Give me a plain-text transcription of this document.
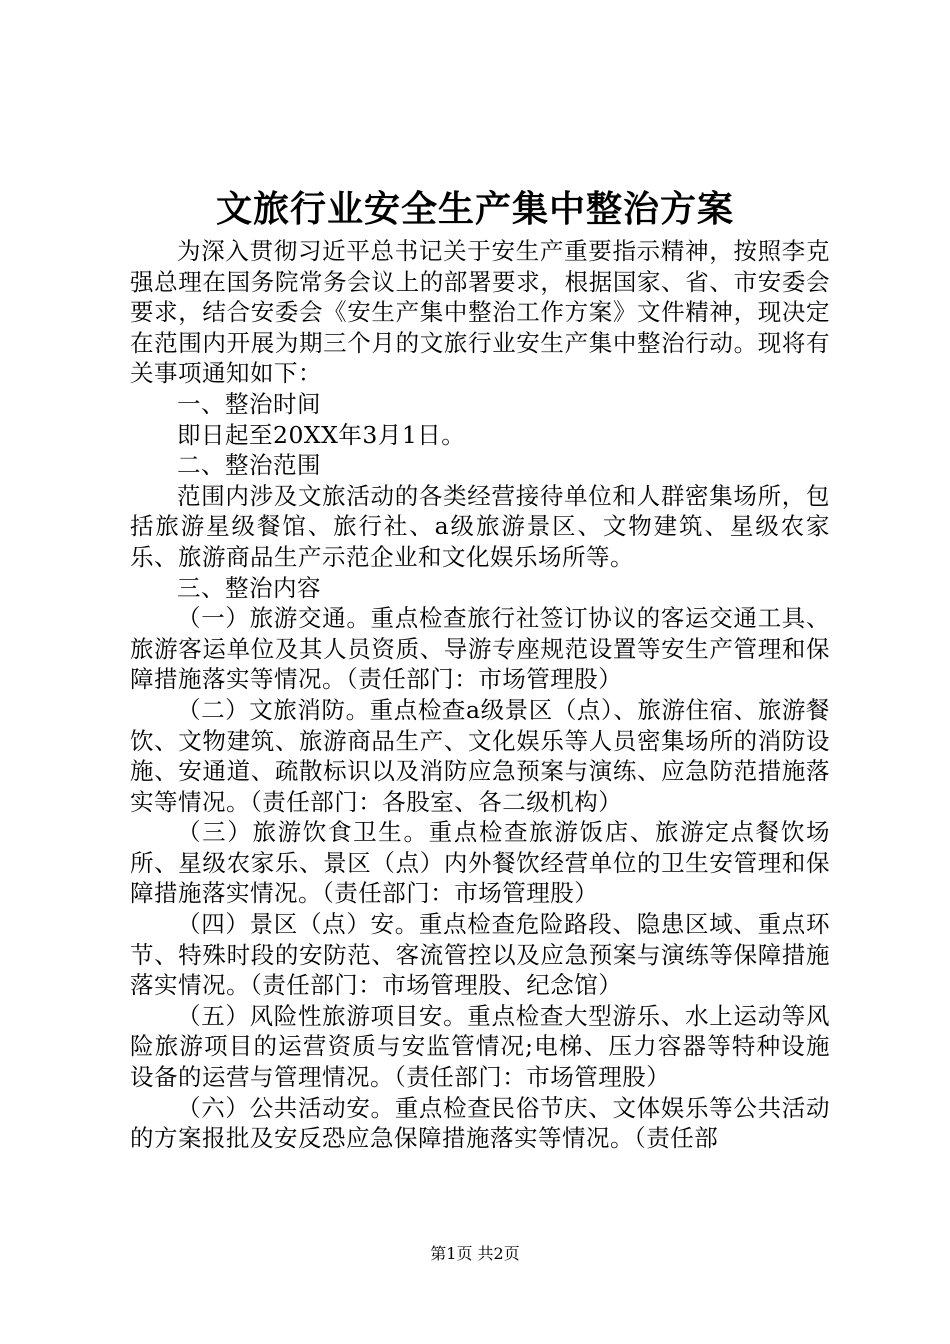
文旅行业安全生产集中整治方案

为深入贯彻习近平总书记关于安生产重要指示精神，按照李克强总理在国务院常务会议上的部署要求，根据国家、省、市安委会要求，结合安委会《安生产集中整治工作方案》文件精神，现决定在范围内开展为期三个月的文旅行业安生产集中整治行动。现将有关事项通知如下：

一、整治时间

即日起至20XX年3月1日。

二、整治范围

范围内涉及文旅活动的各类经营接待单位和人群密集场所，包括旅游星级餐馆、旅行社、a级旅游景区、文物建筑、星级农家乐、旅游商品生产示范企业和文化娱乐场所等。

三、整治内容

（一）旅游交通。重点检查旅行社签订协议的客运交通工具、旅游客运单位及其人员资质、导游专座规范设置等安生产管理和保障措施落实等情况。（责任部门：市场管理股）

（二）文旅消防。重点检查a级景区（点）、旅游住宿、旅游餐饮、文物建筑、旅游商品生产、文化娱乐等人员密集场所的消防设施、安通道、疏散标识以及消防应急预案与演练、应急防范措施落实等情况。（责任部门：各股室、各二级机构）

（三）旅游饮食卫生。重点检查旅游饭店、旅游定点餐饮场所、星级农家乐、景区（点）内外餐饮经营单位的卫生安管理和保障措施落实情况。（责任部门：市场管理股）

（四）景区（点）安。重点检查危险路段、隐患区域、重点环节、特殊时段的安防范、客流管控以及应急预案与演练等保障措施落实情况。（责任部门：市场管理股、纪念馆）

（五）风险性旅游项目安。重点检查大型游乐、水上运动等风险旅游项目的运营资质与安监管情况;电梯、压力容器等特种设施设备的运营与管理情况。（责任部门：市场管理股）

（六）公共活动安。重点检查民俗节庆、文体娱乐等公共活动的方案报批及安反恐应急保障措施落实等情况。（责任部

第1页 共2页
